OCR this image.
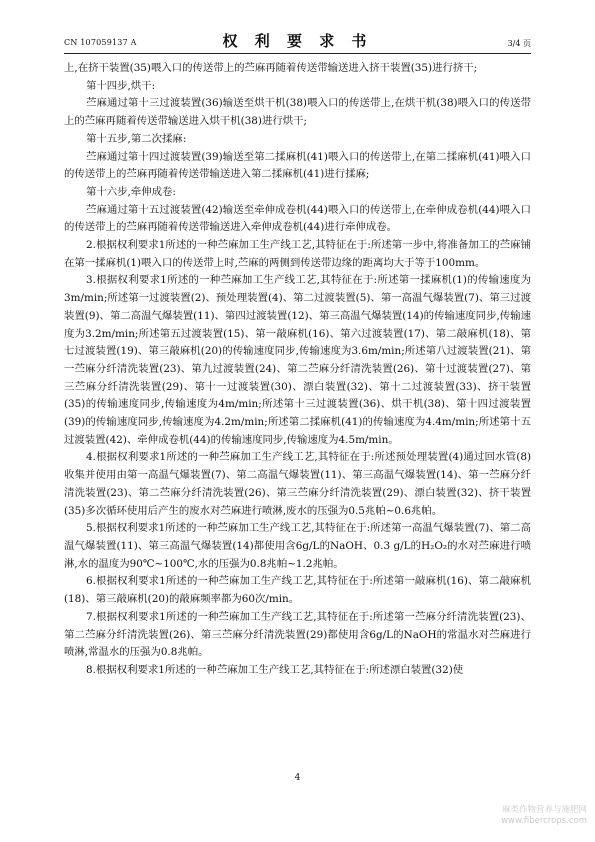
CN 107059137 A	权 利 要 求 书	3/4 页

上,在挤干装置(35)喂入口的传送带上的苎麻再随着传送带输送进入挤干装置(35)进行挤干;

第十四步,烘干:

苎麻通过第十三过渡装置(36)输送至烘干机(38)喂入口的传送带上,在烘干机(38)喂入口的传送带上的苎麻再随着传送带输送进入烘干机(38)进行烘干;

第十五步,第二次揉麻:

苎麻通过第十四过渡装置(39)输送至第二揉麻机(41)喂入口的传送带上,在第二揉麻机(41)喂入口的传送带上的苎麻再随着传送带输送进入第二揉麻机(41)进行揉麻;

第十六步,牵伸成卷:

苎麻通过第十五过渡装置(42)输送至牵伸成卷机(44)喂入口的传送带上,在牵伸成卷机(44)喂入口的传送带上的苎麻再随着传送带输送进入牵伸成卷机(44)进行牵伸成卷。

2.根据权利要求1所述的一种苎麻加工生产线工艺,其特征在于:所述第一步中,将准备加工的苎麻铺在第一揉麻机(1)喂入口的传送带上时,苎麻的两侧到传送带边缘的距离均大于等于100mm。

3.根据权利要求1所述的一种苎麻加工生产线工艺,其特征在于:所述第一揉麻机(1)的传输速度为3m/min;所述第一过渡装置(2)、预处理装置(4)、第二过渡装置(5)、第一高温气爆装置(7)、第三过渡装置(9)、第二高温气爆装置(11)、第四过渡装置(12)、第三高温气爆装置(14)的传输速度同步,传输速度为3.2m/min;所述第五过渡装置(15)、第一敲麻机(16)、第六过渡装置(17)、第二敲麻机(18)、第七过渡装置(19)、第三敲麻机(20)的传输速度同步,传输速度为3.6m/min;所述第八过渡装置(21)、第一苎麻分纤清洗装置(23)、第九过渡装置(24)、第二苎麻分纤清洗装置(26)、第十过渡装置(27)、第三苎麻分纤清洗装置(29)、第十一过渡装置(30)、漂白装置(32)、第十二过渡装置(33)、挤干装置(35)的传输速度同步,传输速度为4m/min;所述第十三过渡装置(36)、烘干机(38)、第十四过渡装置(39)的传输速度同步,传输速度为4.2m/min;所述第二揉麻机(41)的传输速度为4.4m/min;所述第十五过渡装置(42)、牵伸成卷机(44)的传输速度同步,传输速度为4.5m/min。

4.根据权利要求1所述的一种苎麻加工生产线工艺,其特征在于:所述预处理装置(4)通过回水管(8)收集并使用由第一高温气爆装置(7)、第二高温气爆装置(11)、第三高温气爆装置(14)、第一苎麻分纤清洗装置(23)、第二苎麻分纤清洗装置(26)、第三苎麻分纤清洗装置(29)、漂白装置(32)、挤干装置(35)多次循环使用后产生的废水对苎麻进行喷淋,废水的压强为0.5兆帕~0.6兆帕。

5.根据权利要求1所述的一种苎麻加工生产线工艺,其特征在于:所述第一高温气爆装置(7)、第二高温气爆装置(11)、第三高温气爆装置(14)都使用含6g/L的NaOH、0.3 g/L的H₂O₂的水对苎麻进行喷淋,水的温度为90℃~100℃,水的压强为0.8兆帕~1.2兆帕。

6.根据权利要求1所述的一种苎麻加工生产线工艺,其特征在于:所述第一敲麻机(16)、第二敲麻机(18)、第三敲麻机(20)的敲麻频率都为60次/min。

7.根据权利要求1所述的一种苎麻加工生产线工艺,其特征在于:所述第一苎麻分纤清洗装置(23)、第二苎麻分纤清洗装置(26)、第三苎麻分纤清洗装置(29)都使用含6g/L的NaOH的常温水对苎麻进行喷淋,常温水的压强为0.8兆帕。

8.根据权利要求1所述的一种苎麻加工生产线工艺,其特征在于:所述漂白装置(32)使

4
麻类作物营养与施肥网
www.fibercrops.com
